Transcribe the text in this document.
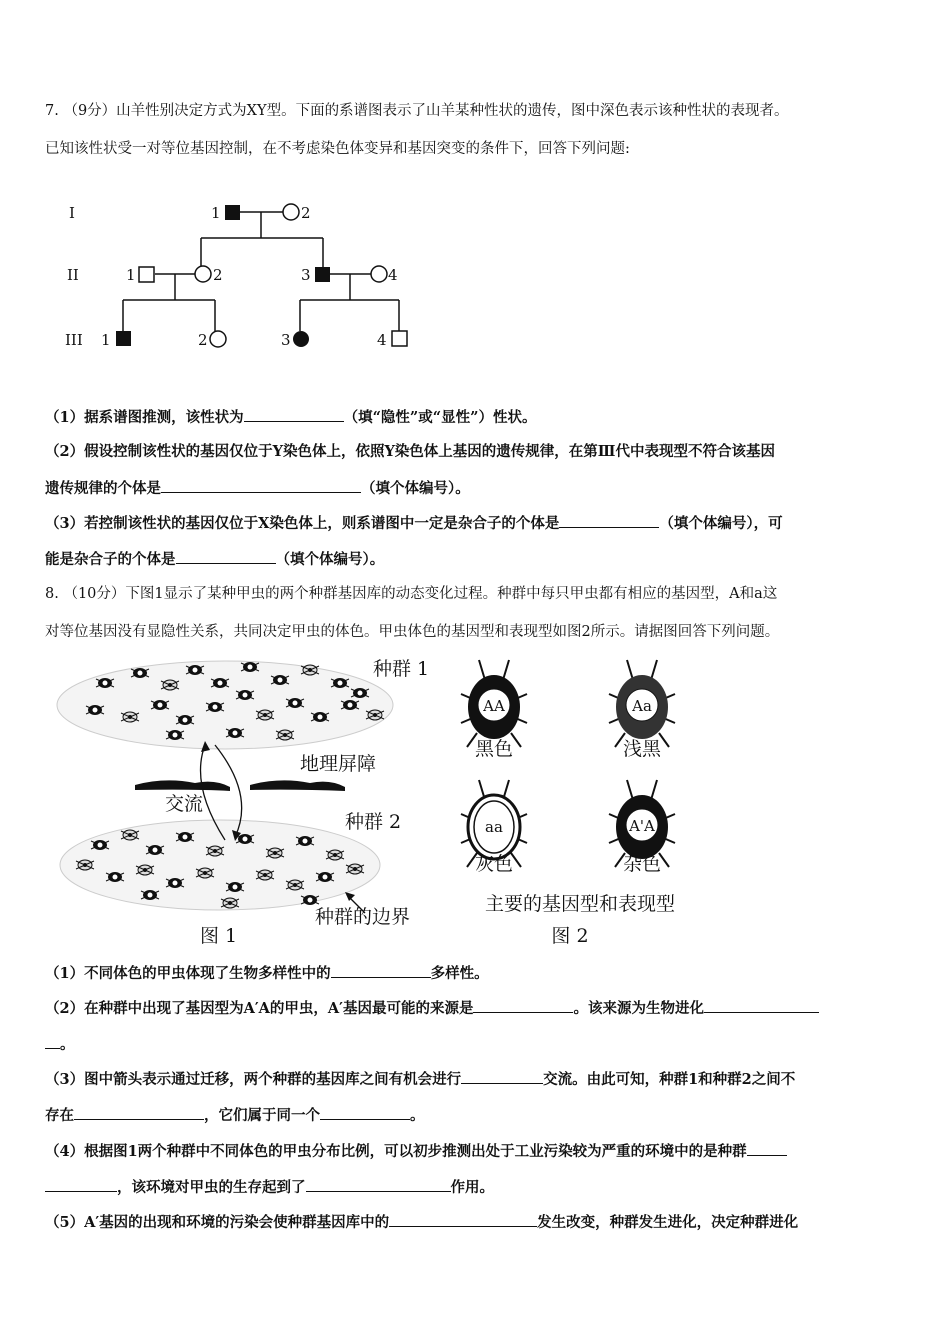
7. （9分）山羊性别决定方式为XY型。下面的系谱图表示了山羊某种性状的遗传，图中深色表示该种性状的表现者。
已知该性状受一对等位基因控制，在不考虑染色体变异和基因突变的条件下，回答下列问题:
I
II
III
1	2
1	2	3	4
1	2	3	4
（1）据系谱图推测，该性状为	（填“隐性”或“显性”）性状。
（2）假设控制该性状的基因仅位于Y染色体上，依照Y染色体上基因的遗传规律，在第Ⅲ代中表现型不符合该基因
遗传规律的个体是	（填个体编号）。
（3）若控制该性状的基因仅位于X染色体上，则系谱图中一定是杂合子的个体是	（填个体编号），可
能是杂合子的个体是	（填个体编号）。
8. （10分）下图1显示了某种甲虫的两个种群基因库的动态变化过程。种群中每只甲虫都有相应的基因型，A和a这
对等位基因没有显隐性关系，共同决定甲虫的体色。甲虫体色的基因型和表现型如图2所示。请据图回答下列问题。
种群 1
种群 2
地理屏障
交流
种群的边界
图 1
AA	Aa
aa	A'A
黑色	浅黑
灰色	杂色
主要的基因型和表现型
图 2
（1）不同体色的甲虫体现了生物多样性中的	多样性。
（2）在种群中出现了基因型为A′A的甲虫，A′基因最可能的来源是	。该来源为生物进化
。
（3）图中箭头表示通过迁移，两个种群的基因库之间有机会进行	交流。由此可知，种群1和种群2之间不
存在	，它们属于同一个	。
（4）根据图1两个种群中不同体色的甲虫分布比例，可以初步推测出处于工业污染较为严重的环境中的是种群
，该环境对甲虫的生存起到了	作用。
（5）A′基因的出现和环境的污染会使种群基因库中的	发生改变，种群发生进化，决定种群进化
